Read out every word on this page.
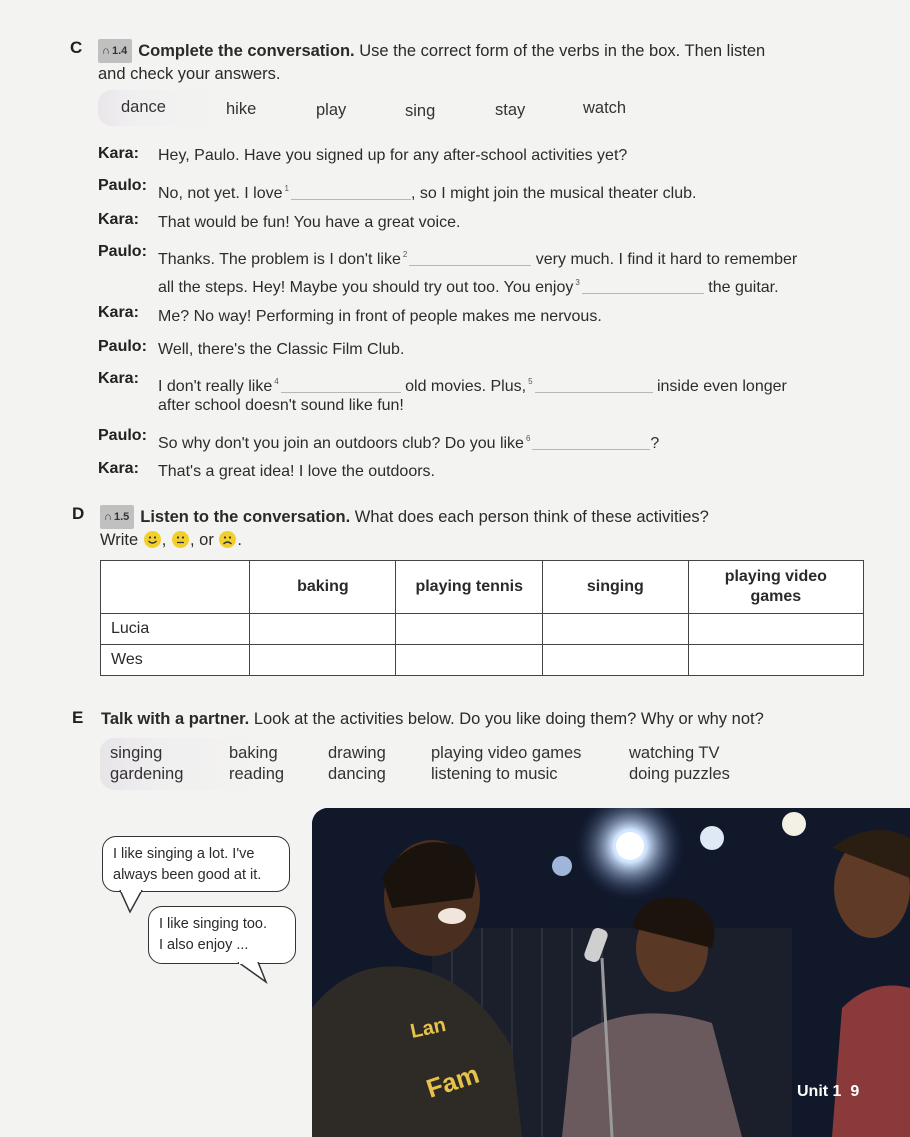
C	∩ 1.4 Complete the conversation. Use the correct form of the verbs in the box. Then listen
and check your answers.
dance	hike	play	sing	stay	watch
Kara: Hey, Paulo. Have you signed up for any after-school activities yet?
Paulo: No, not yet. I love $^1$	, so I might join the musical theater club.
Kara: That would be fun! You have a great voice.
Paulo: Thanks. The problem is I don't like $^2$	very much. I find it hard to remember
all the steps. Hey! Maybe you should try out too. You enjoy $^3$	the guitar.
Kara: Me? No way! Performing in front of people makes me nervous.
Paulo: Well, there's the Classic Film Club.
Kara: I don't really like $^4$	old movies. Plus, $^5$	inside even longer
after school doesn't sound like fun!
Paulo: So why don't you join an outdoors club? Do you like $^6$	?
Kara: That's a great idea! I love the outdoors.
D	∩ 1.5 Listen to the conversation. What does each person think of these activities?
Write , , or .
	baking	playing tennis	singing	playing video games
Lucia				
Wes				
E Talk with a partner. Look at the activities below. Do you like doing them? Why or why not?
singing
gardening
baking
reading
drawing
dancing
playing video games
listening to music
watching TV
doing puzzles
I like singing a lot. I've
always been good at it.
I like singing too.
I also enjoy ...
Lan
Fam	Unit 1 9
